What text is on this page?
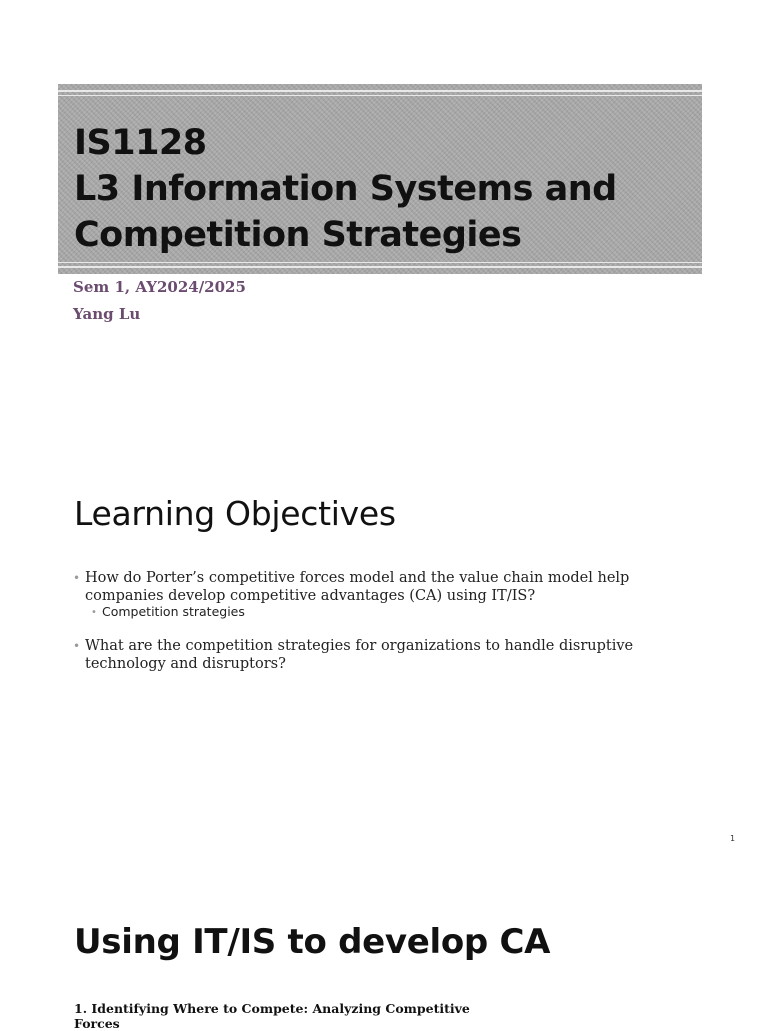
IS1128
L3 Information Systems and
Competition Strategies
Sem 1, AY2024/2025
Yang Lu
Learning Objectives
• How do Porter’s competitive forces model and the value chain model help companies develop competitive advantages (CA) using IT/IS?
• Competition strategies
• What are the competition strategies for organizations to handle disruptive technology and disruptors?
1
Using IT/IS to develop CA
1. Identifying Where to Compete: Analyzing Competitive Forces
